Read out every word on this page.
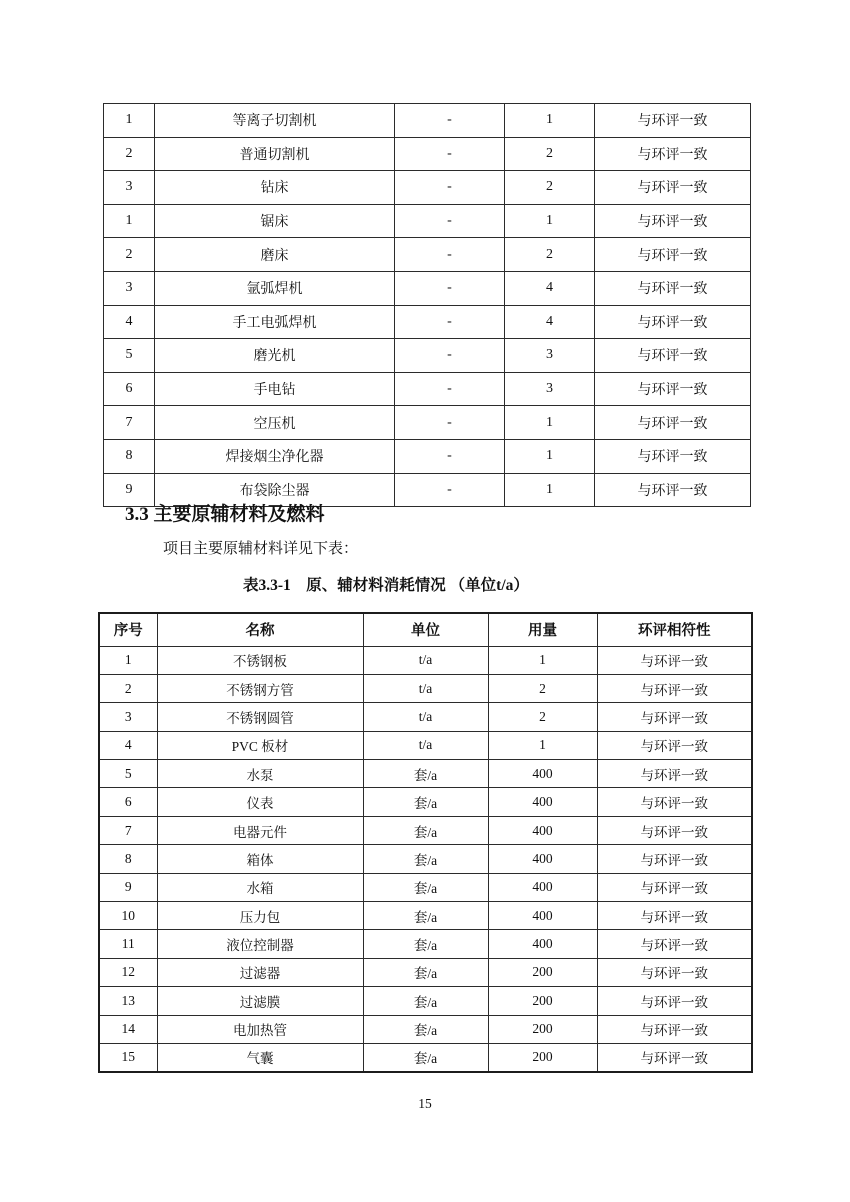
1	等离子切割机	-	1	与环评一致
2	普通切割机	-	2	与环评一致
3	钻床	-	2	与环评一致
1	锯床	-	1	与环评一致
2	磨床	-	2	与环评一致
3	氩弧焊机	-	4	与环评一致
4	手工电弧焊机	-	4	与环评一致
5	磨光机	-	3	与环评一致
6	手电钻	-	3	与环评一致
7	空压机	-	1	与环评一致
8	焊接烟尘净化器	-	1	与环评一致
9	布袋除尘器	-	1	与环评一致
3.3 主要原辅材料及燃料

项目主要原辅材料详见下表：

表3.3-1　原、辅材料消耗情况 （单位t/a）
序号	名称	单位	用量	环评相符性
1	不锈钢板	t/a	1	与环评一致
2	不锈钢方管	t/a	2	与环评一致
3	不锈钢圆管	t/a	2	与环评一致
4	PVC 板材	t/a	1	与环评一致
5	水泵	套/a	400	与环评一致
6	仪表	套/a	400	与环评一致
7	电器元件	套/a	400	与环评一致
8	箱体	套/a	400	与环评一致
9	水箱	套/a	400	与环评一致
10	压力包	套/a	400	与环评一致
11	液位控制器	套/a	400	与环评一致
12	过滤器	套/a	200	与环评一致
13	过滤膜	套/a	200	与环评一致
14	电加热管	套/a	200	与环评一致
15	气囊	套/a	200	与环评一致
15
